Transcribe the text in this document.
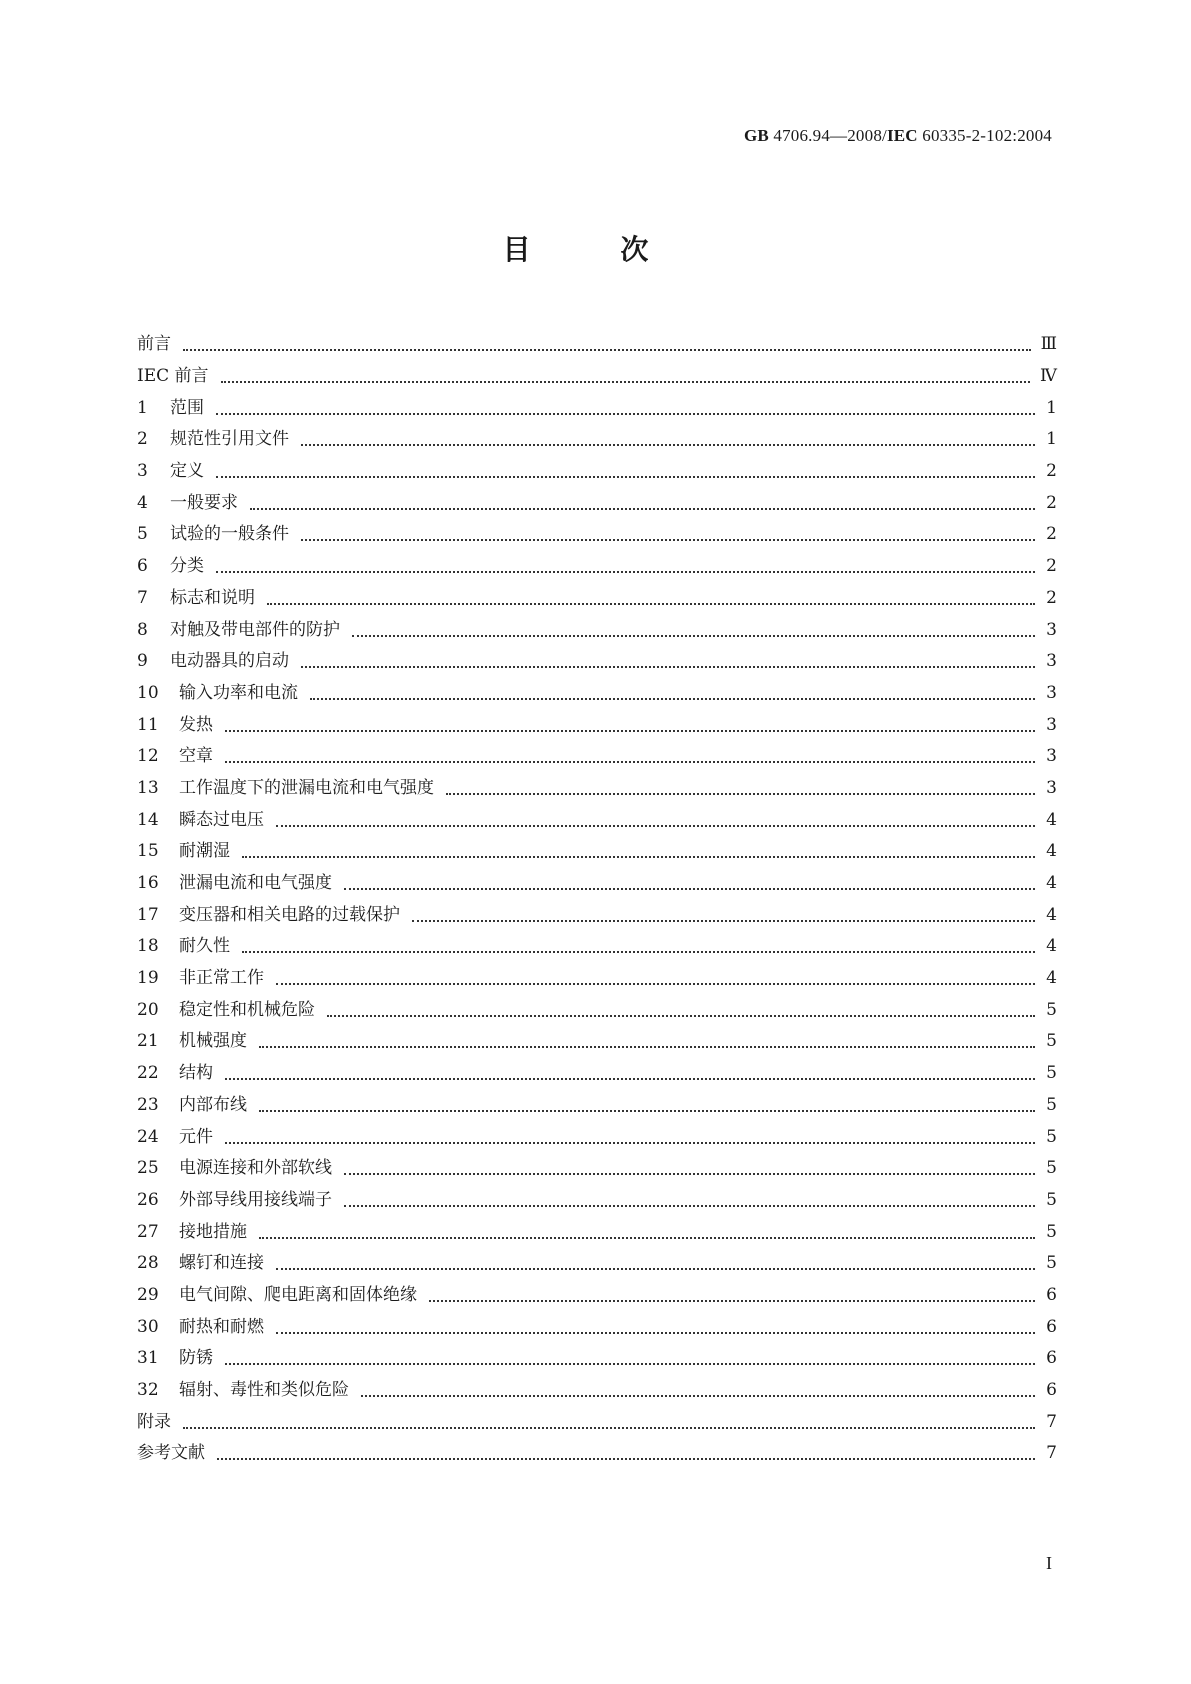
GB 4706.94—2008/IEC 60335-2-102:2004
目 次
前言	Ⅲ
IEC 前言	Ⅳ
1	范围	1
2	规范性引用文件	1
3	定义	2
4	一般要求	2
5	试验的一般条件	2
6	分类	2
7	标志和说明	2
8	对触及带电部件的防护	3
9	电动器具的启动	3
10	输入功率和电流	3
11	发热	3
12	空章	3
13	工作温度下的泄漏电流和电气强度	3
14	瞬态过电压	4
15	耐潮湿	4
16	泄漏电流和电气强度	4
17	变压器和相关电路的过载保护	4
18	耐久性	4
19	非正常工作	4
20	稳定性和机械危险	5
21	机械强度	5
22	结构	5
23	内部布线	5
24	元件	5
25	电源连接和外部软线	5
26	外部导线用接线端子	5
27	接地措施	5
28	螺钉和连接	5
29	电气间隙、爬电距离和固体绝缘	6
30	耐热和耐燃	6
31	防锈	6
32	辐射、毒性和类似危险	6
附录	7
参考文献	7
I
